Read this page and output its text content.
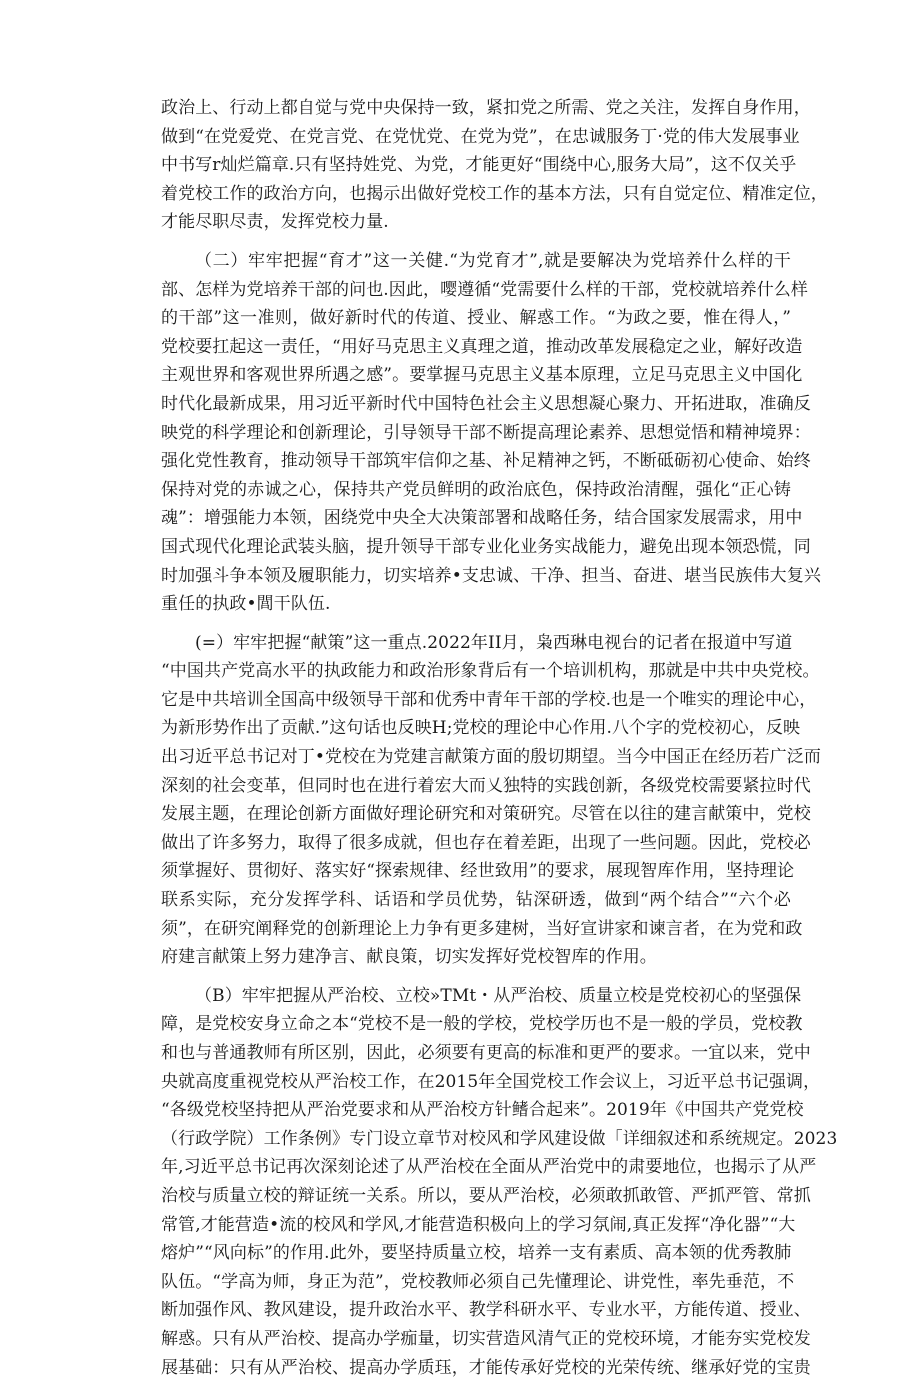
政治上、行动上都自觉与党中央保持一致，紧扣党之所需、党之关注，发挥自身作用，
做到“在党爱党、在党言党、在党忧党、在党为党”，在忠诚服务丁·党的伟大发展事业
中书写r灿烂篇章.只有坚持姓党、为党，才能更好“围绕中心,服务大局”，这不仅关乎
着党校工作的政治方向，也揭示出做好党校工作的基本方法，只有自觉定位、精准定位，
才能尽职尽责，发挥党校力量.
（二）牢牢把握“育才”这一关健.“为党育才”,就是要解决为党培养什么样的干
部、怎样为党培养干部的问也.因此，嘤遵循“党需要什么样的干部，党校就培养什么样
的干部”这一准则，做好新时代的传道、授业、解惑工作。“为政之要，惟在得人，”
党校要扛起这一责任，“用好马克思主义真理之道，推动改革发展稳定之业，解好改造
主观世界和客观世界所遇之感”。要掌握马克思主义基本原理，立足马克思主义中国化
时代化最新成果，用习近平新时代中国特色社会主义思想凝心聚力、开拓进取，准确反
映党的科学理论和创新理论，引导领导干部不断提高理论素养、思想觉悟和精神境界：
强化党性教育，推动领导干部筑牢信仰之基、补足精神之钙，不断砥砺初心使命、始终
保持对党的赤诚之心，保持共产党员鲜明的政治底色，保持政治清醒，强化“正心铸
魂”：增强能力本领，困绕党中央全大决策部署和战略任务，结合国家发展需求，用中
国式现代化理论武装头脑，提升领导干部专业化业务实战能力，避免出现本领恐慌，同
时加强斗争本领及履职能力，切实培养•支忠诚、干净、担当、奋进、堪当民族伟大复兴
重任的执政•閭干队伍.
(=）牢牢把握“献策”这一重点.2022年II月，枭西琳电视台的记者在报道中写道
“中国共产党高水平的执政能力和政治形象背后有一个培训机构，那就是中共中央党校。
它是中共培训全国高中级领导干部和优秀中青年干部的学校.也是一个唯实的理论中心，
为新形势作出了贡献.”这句话也反映H;党校的理论中心作用.八个字的党校初心，反映
出习近平总书记对丁•党校在为党建言献策方面的殷切期望。当今中国正在经历若广泛而
深刻的社会变革，但同时也在进行着宏大而乂独特的实践创新，各级党校需要紧拉时代
发展主题，在理论创新方面做好理论研究和对策研究。尽管在以往的建言献策中，党校
做出了许多努力，取得了很多成就，但也存在着差距，出现了一些问题。因此，党校必
须掌握好、贯彻好、落实好“探索规律、经世致用”的要求，展现智库作用，坚持理论
联系实际，充分发挥学科、话语和学员优势，钻深研透，做到“两个结合”“六个必
须”，在研究阐释党的创新理论上力争有更多建树，当好宣讲家和谏言者，在为党和政
府建言献策上努力建净言、献良策，切实发挥好党校智库的作用。
（B）牢牢把握从严治校、立校»TMt・从严治校、质量立校是党校初心的坚强保
障，是党校安身立命之本“党校不是一般的学校，党校学历也不是一般的学员，党校教
和也与普通教师有所区别，因此，必须要有更高的标准和更严的要求。一宜以来，党中
央就高度重视党校从严治校工作，在2015年全国党校工作会议上，习近平总书记强调，
“各级党校坚持把从严治党要求和从严治校方针鳍合起来”。2019年《中国共产党党校
（行政学院）工作条例》专门设立章节对校风和学风建设做「详细叙述和系统规定。2023
年,习近平总书记再次深刻论述了从严治校在全面从严治党中的肃要地位，也揭示了从严
治校与质量立校的辩证统一关系。所以，要从严治校，必须敢抓敢管、严抓严管、常抓
常管,才能营造•流的校风和学风,才能营造积极向上的学习氛闹,真正发挥“净化器”“大
熔炉”“风向标”的作用.此外，要坚持质量立校，培养一支有素质、高本领的优秀教肺
队伍。“学高为师，身正为范”，党校教师必须自己先懂理论、讲党性，率先垂范，不
断加强作风、教风建设，提升政治水平、教学科研水平、专业水平，方能传道、授业、
解惑。只有从严治校、提高办学痂量，切实营造风清气正的党校环境，才能夯实党校发
展基础：只有从严治校、提高办学质珏，才能传承好党校的光荣传统、继承好党的宝贵
